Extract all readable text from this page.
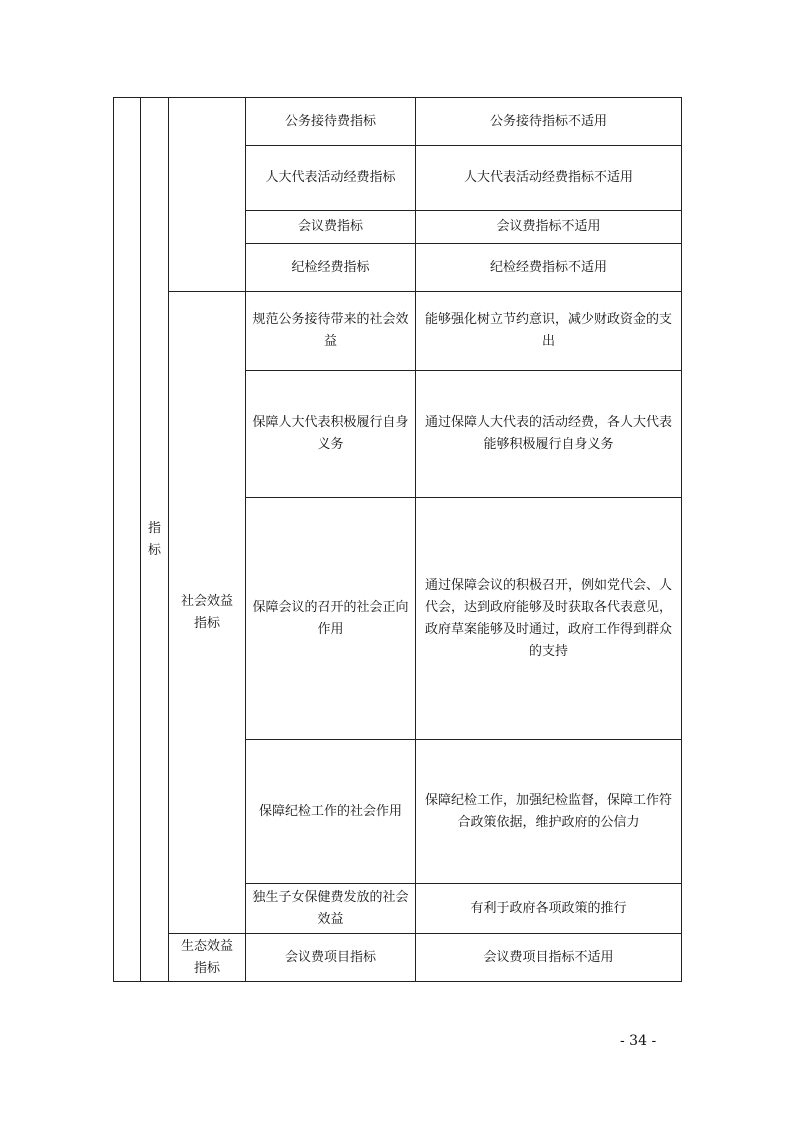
	指标		公务接待费指标	公务接待指标不适用
			人大代表活动经费指标	人大代表活动经费指标不适用
			会议费指标	会议费指标不适用
			纪检经费指标	纪检经费指标不适用
		社会效益指标	规范公务接待带来的社会效益	能够强化树立节约意识，减少财政资金的支出
			保障人大代表积极履行自身义务	通过保障人大代表的活动经费，各人大代表能够积极履行自身义务
			保障会议的召开的社会正向作用	通过保障会议的积极召开，例如党代会、人代会，达到政府能够及时获取各代表意见，政府草案能够及时通过，政府工作得到群众的支持
			保障纪检工作的社会作用	保障纪检工作，加强纪检监督，保障工作符合政策依据，维护政府的公信力
			独生子女保健费发放的社会效益	有利于政府各项政策的推行
		生态效益指标	会议费项目指标	会议费项目指标不适用
- 34 -
